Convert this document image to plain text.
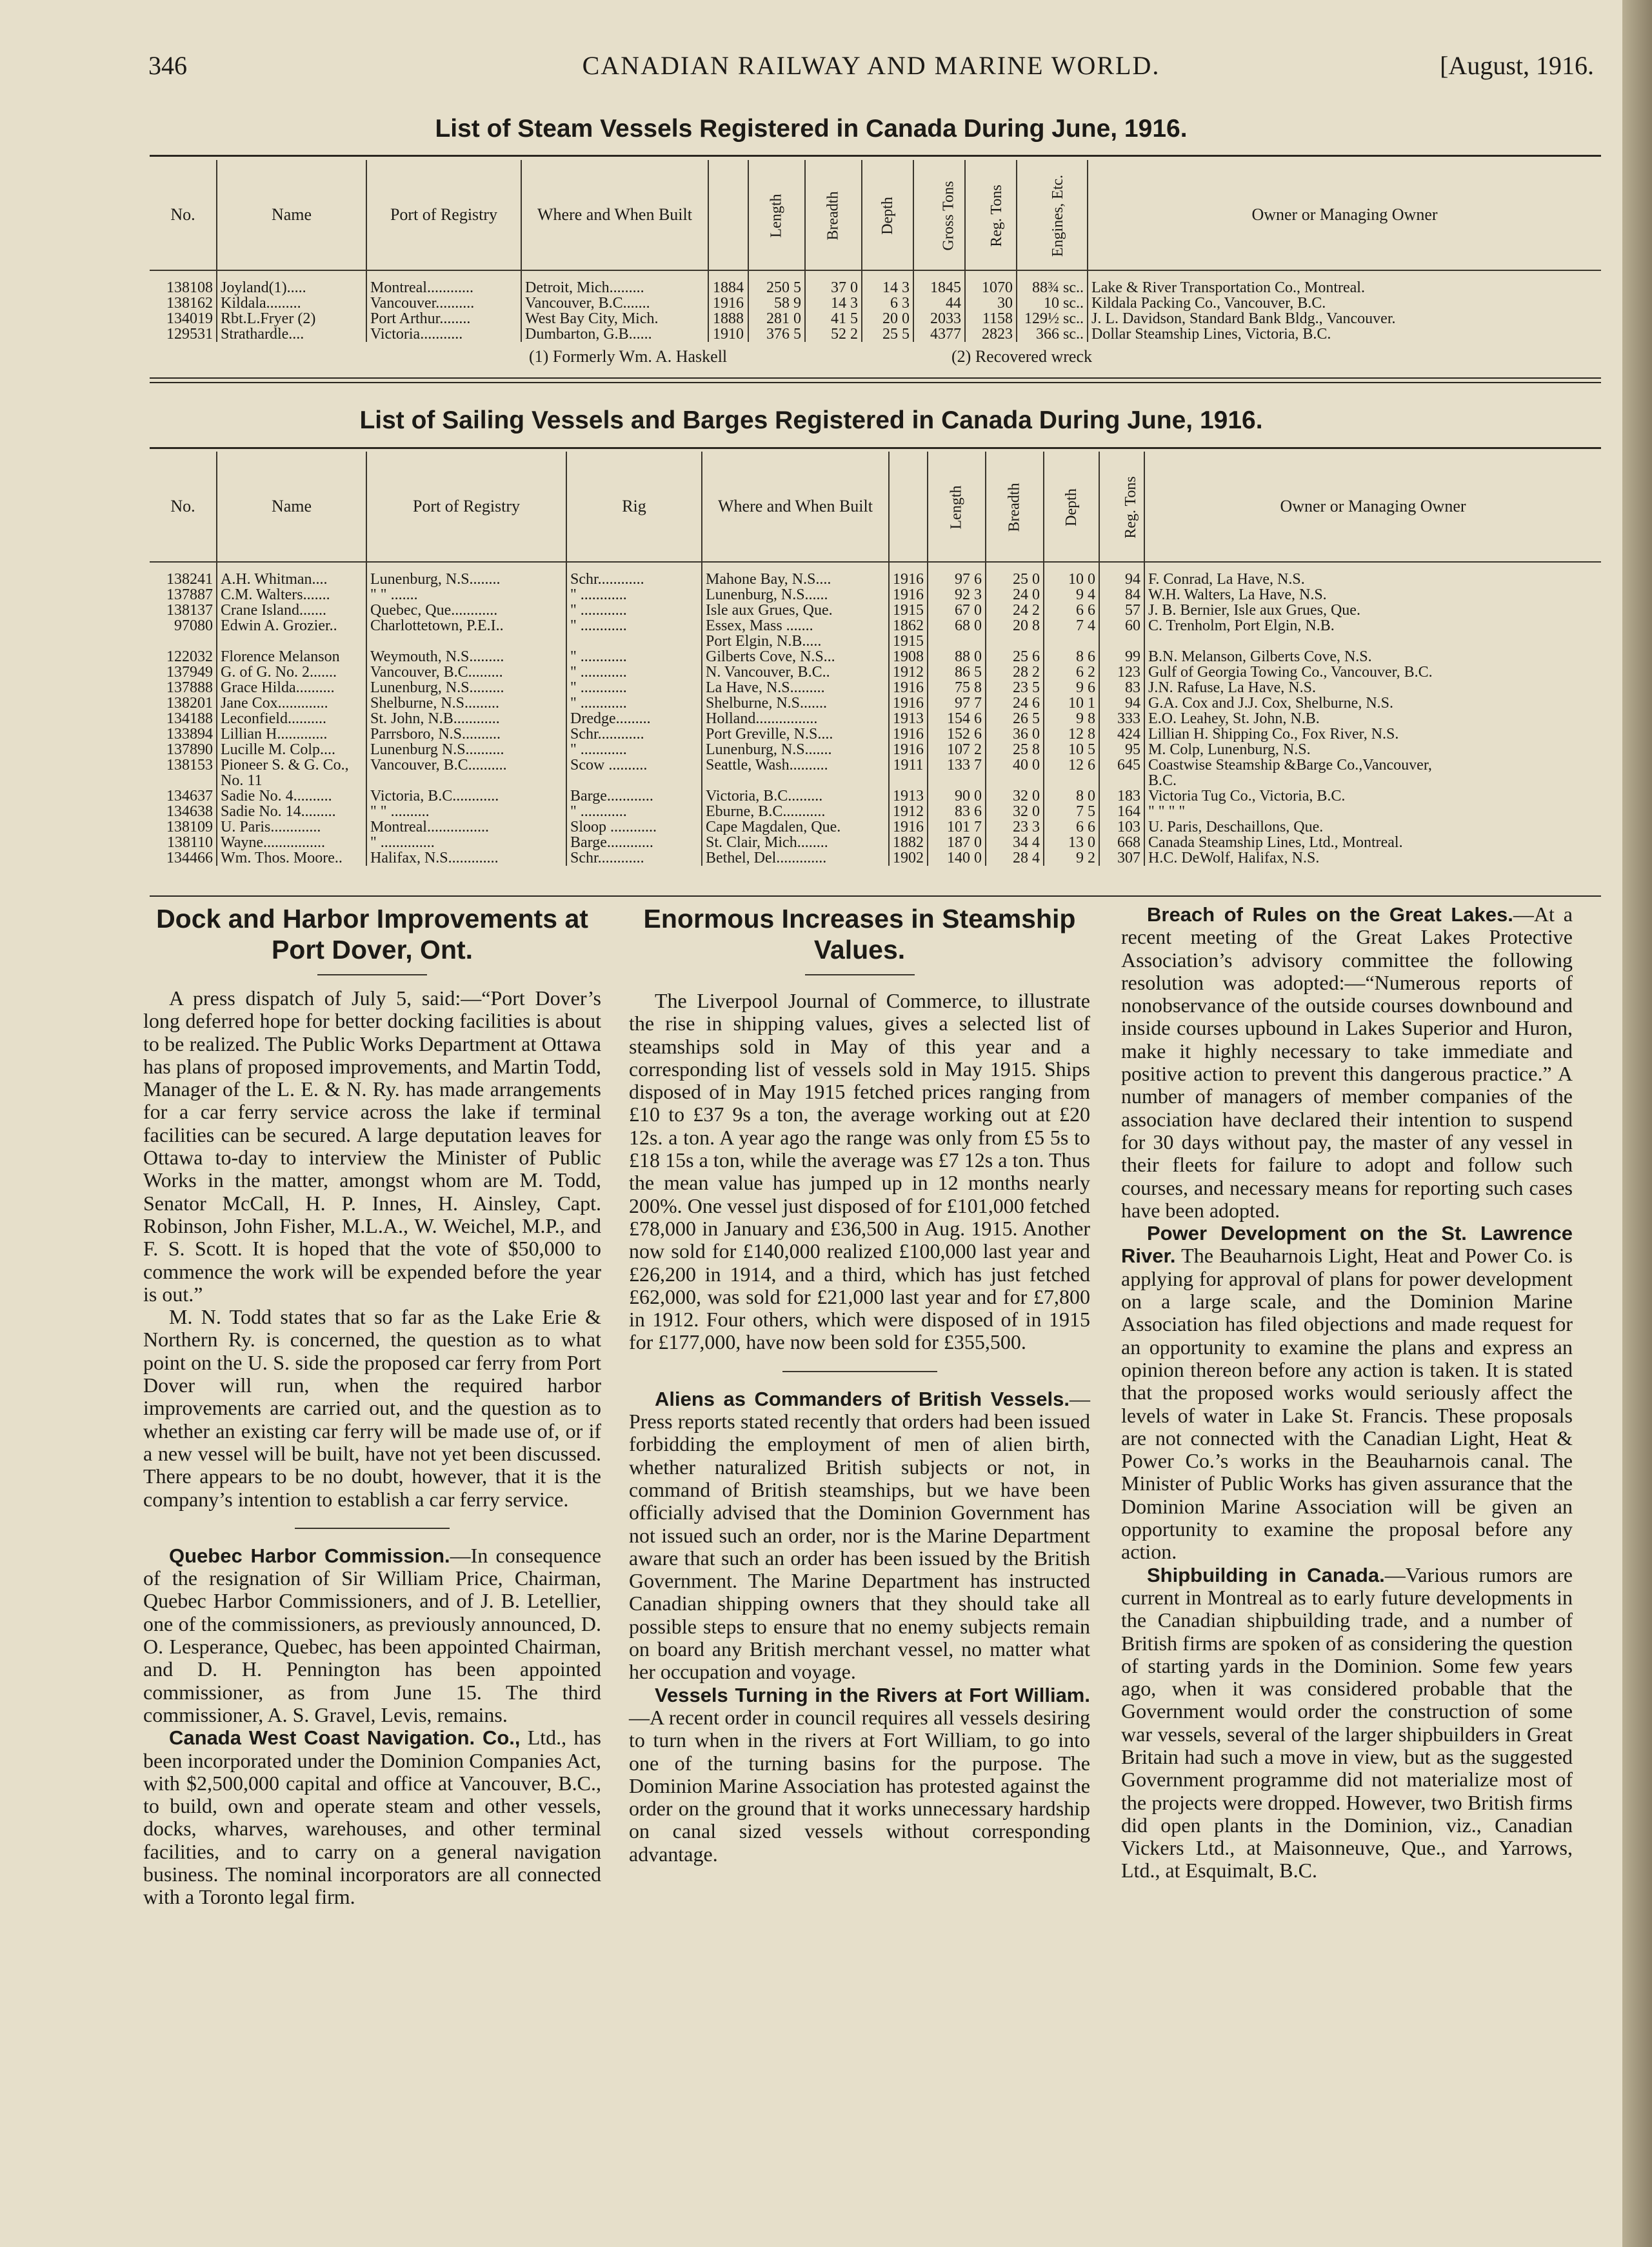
346	CANADIAN RAILWAY AND MARINE WORLD.	[August, 1916.
List of Steam Vessels Registered in Canada During June, 1916.
No.	Name	Port of Registry	Where and When Built		Length	Breadth	Depth	Gross Tons	Reg. Tons	Engines, Etc.	Owner or Managing Owner
138108	Joyland(1).....	Montreal............	Detroit, Mich.........	1884	250 5	37 0	14 3	1845	1070	88¾ sc..	Lake & River Transportation Co., Montreal.
138162	Kildala.........	Vancouver..........	Vancouver, B.C.......	1916	58 9	14 3	6 3	44	30	10 sc..	Kildala Packing Co., Vancouver, B.C.
134019	Rbt.L.Fryer (2)	Port Arthur........	West Bay City, Mich.	1888	281 0	41 5	20 0	2033	1158	129½ sc..	J. L. Davidson, Standard Bank Bldg., Vancouver.
129531	Strathardle....	Victoria...........	Dumbarton, G.B......	1910	376 5	52 2	25 5	4377	2823	366 sc..	Dollar Steamship Lines, Victoria, B.C.
(1) Formerly Wm. A. Haskell	(2) Recovered wreck
List of Sailing Vessels and Barges Registered in Canada During June, 1916.
No.	Name	Port of Registry	Rig	Where and When Built		Length	Breadth	Depth	Reg. Tons	Owner or Managing Owner
138241	A.H. Whitman....	Lunenburg, N.S........	Schr............	Mahone Bay, N.S....	1916	97 6	25 0	10 0	94	F. Conrad, La Have, N.S.
137887	C.M. Walters.......	" " .......	" ............	Lunenburg, N.S......	1916	92 3	24 0	9 4	84	W.H. Walters, La Have, N.S.
138137	Crane Island.......	Quebec, Que............	" ............	Isle aux Grues, Que.	1915	67 0	24 2	6 6	57	J. B. Bernier, Isle aux Grues, Que.
97080	Edwin A. Grozier..	Charlottetown, P.E.I..	" ............	Essex, Mass .......	1862	68 0	20 8	7 4	60	C. Trenholm, Port Elgin, N.B.
				Port Elgin, N.B.....	1915					
122032	Florence Melanson	Weymouth, N.S.........	" ............	Gilberts Cove, N.S...	1908	88 0	25 6	8 6	99	B.N. Melanson, Gilberts Cove, N.S.
137949	G. of G. No. 2.......	Vancouver, B.C.........	" ............	N. Vancouver, B.C..	1912	86 5	28 2	6 2	123	Gulf of Georgia Towing Co., Vancouver, B.C.
137888	Grace Hilda..........	Lunenburg, N.S.........	" ............	La Have, N.S.........	1916	75 8	23 5	9 6	83	J.N. Rafuse, La Have, N.S.
138201	Jane Cox.............	Shelburne, N.S.........	" ............	Shelburne, N.S.......	1916	97 7	24 6	10 1	94	G.A. Cox and J.J. Cox, Shelburne, N.S.
134188	Leconfield..........	St. John, N.B............	Dredge.........	Holland................	1913	154 6	26 5	9 8	333	E.O. Leahey, St. John, N.B.
133894	Lillian H.............	Parrsboro, N.S..........	Schr............	Port Greville, N.S....	1916	152 6	36 0	12 8	424	Lillian H. Shipping Co., Fox River, N.S.
137890	Lucille M. Colp....	Lunenburg N.S..........	" ............	Lunenburg, N.S.......	1916	107 2	25 8	10 5	95	M. Colp, Lunenburg, N.S.
138153	Pioneer S. & G. Co.,	Vancouver, B.C..........	Scow ..........	Seattle, Wash..........	1911	133 7	40 0	12 6	645	Coastwise Steamship &Barge Co.,Vancouver,
	No. 11									B.C.
134637	Sadie No. 4..........	Victoria, B.C............	Barge............	Victoria, B.C.........	1913	90 0	32 0	8 0	183	Victoria Tug Co., Victoria, B.C.
134638	Sadie No. 14.........	" " ..........	" ............	Eburne, B.C...........	1912	83 6	32 0	7 5	164	" " " "
138109	U. Paris.............	Montreal................	Sloop ............	Cape Magdalen, Que.	1916	101 7	23 3	6 6	103	U. Paris, Deschaillons, Que.
138110	Wayne................	" ..............	Barge............	St. Clair, Mich........	1882	187 0	34 4	13 0	668	Canada Steamship Lines, Ltd., Montreal.
134466	Wm. Thos. Moore..	Halifax, N.S.............	Schr............	Bethel, Del.............	1902	140 0	28 4	9 2	307	H.C. DeWolf, Halifax, N.S.
Dock and Harbor Improvements at Port Dover, Ont.

A press dispatch of July 5, said:—“Port Dover’s long deferred hope for better docking facilities is about to be realized. The Public Works Department at Ottawa has plans of proposed improvements, and Martin Todd, Manager of the L. E. & N. Ry. has made arrangements for a car ferry service across the lake if terminal facilities can be secured. A large deputation leaves for Ottawa to-day to interview the Minister of Public Works in the matter, amongst whom are M. Todd, Senator McCall, H. P. Innes, H. Ainsley, Capt. Robinson, John Fisher, M.L.A., W. Weichel, M.P., and F. S. Scott. It is hoped that the vote of $50,000 to commence the work will be expended before the year is out.”

M. N. Todd states that so far as the Lake Erie & Northern Ry. is concerned, the question as to what point on the U. S. side the proposed car ferry from Port Dover will run, when the required harbor improvements are carried out, and the question as to whether an existing car ferry will be made use of, or if a new vessel will be built, have not yet been discussed. There appears to be no doubt, however, that it is the company’s intention to establish a car ferry service.

Quebec Harbor Commission.—In consequence of the resignation of Sir William Price, Chairman, Quebec Harbor Commissioners, and of J. B. Letellier, one of the commissioners, as previously announced, D. O. Lesperance, Quebec, has been appointed Chairman, and D. H. Pennington has been appointed commissioner, as from June 15. The third commissioner, A. S. Gravel, Levis, remains.

Canada West Coast Navigation. Co., Ltd., has been incorporated under the Dominion Companies Act, with $2,500,000 capital and office at Vancouver, B.C., to build, own and operate steam and other vessels, docks, wharves, warehouses, and other terminal facilities, and to carry on a general navigation business. The nominal incorporators are all connected with a Toronto legal firm.

Enormous Increases in Steamship Values.

The Liverpool Journal of Commerce, to illustrate the rise in shipping values, gives a selected list of steamships sold in May of this year and a corresponding list of vessels sold in May 1915. Ships disposed of in May 1915 fetched prices ranging from £10 to £37 9s a ton, the average working out at £20 12s. a ton. A year ago the range was only from £5 5s to £18 15s a ton, while the average was £7 12s a ton. Thus the mean value has jumped up in 12 months nearly 200%. One vessel just disposed of for £101,000 fetched £78,000 in January and £36,500 in Aug. 1915. Another now sold for £140,000 realized £100,000 last year and £26,200 in 1914, and a third, which has just fetched £62,000, was sold for £21,000 last year and for £7,800 in 1912. Four others, which were disposed of in 1915 for £177,000, have now been sold for £355,500.

Aliens as Commanders of British Vessels.—Press reports stated recently that orders had been issued forbidding the employment of men of alien birth, whether naturalized British subjects or not, in command of British steamships, but we have been officially advised that the Dominion Government has not issued such an order, nor is the Marine Department aware that such an order has been issued by the British Government. The Marine Department has instructed Canadian shipping owners that they should take all possible steps to ensure that no enemy subjects remain on board any British merchant vessel, no matter what her occupation and voyage.

Vessels Turning in the Rivers at Fort William.—A recent order in council requires all vessels desiring to turn when in the rivers at Fort William, to go into one of the turning basins for the purpose. The Dominion Marine Association has protested against the order on the ground that it works unnecessary hardship on canal sized vessels without corresponding advantage.

Breach of Rules on the Great Lakes.—At a recent meeting of the Great Lakes Protective Association’s advisory committee the following resolution was adopted:—“Numerous reports of nonobservance of the outside courses downbound and inside courses upbound in Lakes Superior and Huron, make it highly necessary to take immediate and positive action to prevent this dangerous practice.” A number of managers of member companies of the association have declared their intention to suspend for 30 days without pay, the master of any vessel in their fleets for failure to adopt and follow such courses, and necessary means for reporting such cases have been adopted.

Power Development on the St. Lawrence River. The Beauharnois Light, Heat and Power Co. is applying for approval of plans for power development on a large scale, and the Dominion Marine Association has filed objections and made request for an opportunity to examine the plans and express an opinion thereon before any action is taken. It is stated that the proposed works would seriously affect the levels of water in Lake St. Francis. These proposals are not connected with the Canadian Light, Heat & Power Co.’s works in the Beauharnois canal. The Minister of Public Works has given assurance that the Dominion Marine Association will be given an opportunity to examine the proposal before any action.

Shipbuilding in Canada.—Various rumors are current in Montreal as to early future developments in the Canadian shipbuilding trade, and a number of British firms are spoken of as considering the question of starting yards in the Dominion. Some few years ago, when it was considered probable that the Government would order the construction of some war vessels, several of the larger shipbuilders in Great Britain had such a move in view, but as the suggested Government programme did not materialize most of the projects were dropped. However, two British firms did open plants in the Dominion, viz., Canadian Vickers Ltd., at Maisonneuve, Que., and Yarrows, Ltd., at Esquimalt, B.C.
